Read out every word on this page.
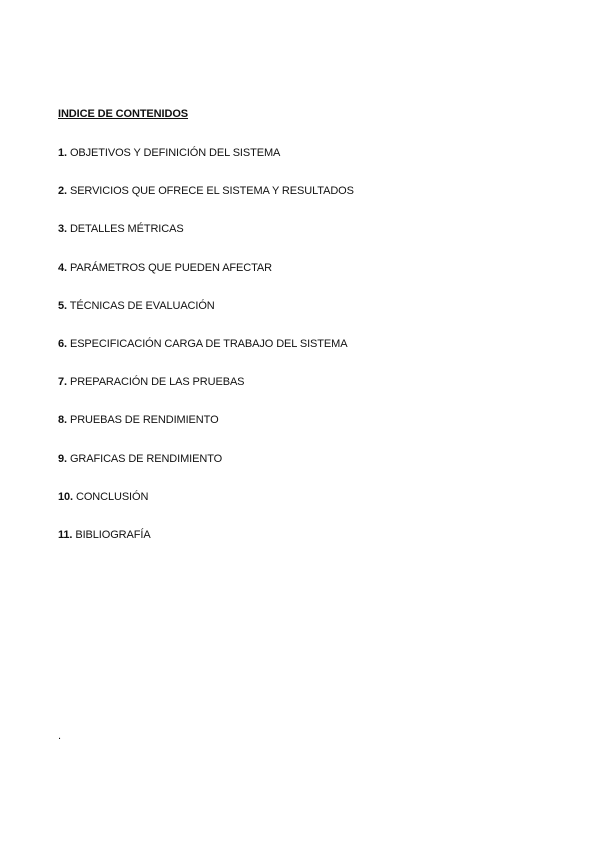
INDICE DE CONTENIDOS
1. OBJETIVOS Y DEFINICIÓN DEL SISTEMA
2. SERVICIOS QUE OFRECE EL SISTEMA Y RESULTADOS
3. DETALLES MÉTRICAS
4. PARÁMETROS QUE PUEDEN AFECTAR
5. TÉCNICAS DE EVALUACIÓN
6. ESPECIFICACIÓN CARGA DE TRABAJO DEL SISTEMA
7. PREPARACIÓN DE LAS PRUEBAS
8. PRUEBAS DE RENDIMIENTO
9. GRAFICAS DE RENDIMIENTO
10. CONCLUSIÓN
11. BIBLIOGRAFÍA
.
